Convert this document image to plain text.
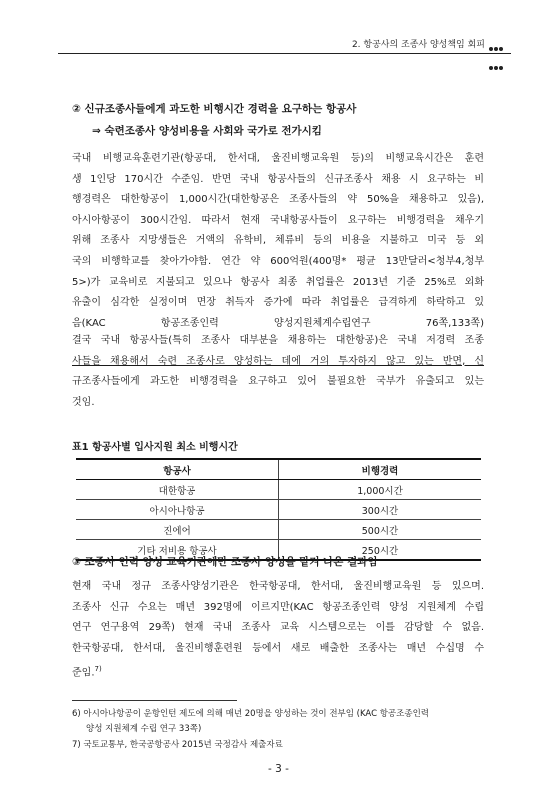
2. 항공사의 조종사 양성책임 회피

② 신규조종사들에게 과도한 비행시간 경력을 요구하는 항공사
⇒ 숙련조종사 양성비용을 사회와 국가로 전가시킴
국내 비행교육훈련기관(항공대, 한서대, 울진비행교육원 등)의 비행교육시간은 훈련
생 1인당 170시간 수준임. 반면 국내 항공사들의 신규조종사 채용 시 요구하는 비
행경력은 대한항공이 1,000시간(대한항공은 조종사들의 약 50%을 채용하고 있음),
아시아항공이 300시간임. 따라서 현재 국내항공사들이 요구하는 비행경력을 채우기
위해 조종사 지망생들은 거액의 유학비, 체류비 등의 비용을 지불하고 미국 등 외
국의 비행학교를 찾아가야함. 연간 약 600억원(400명* 평균 13만달러<청부4,청부
5>)가 교육비로 지불되고 있으나 항공사 최종 취업률은 2013년 기준 25%로 외화
유출이 심각한 실정이며 면장 취득자 증가에 따라 취업률은 급격하게 하락하고 있
음(KAC 항공조종인력 양성지원체계수립연구 76쪽,133쪽)
결국 국내 항공사들(특히 조종사 대부분을 채용하는 대한항공)은 국내 저경력 조종
사들을 채용해서 숙련 조종사로 양성하는 데에 거의 투자하지 않고 있는 반면, 신
규조종사들에게 과도한 비행경력을 요구하고 있어 불필요한 국부가 유출되고 있는
것임.
표1 항공사별 입사지원 최소 비행시간
항공사	비행경력
대한항공	1,000시간
아시아나항공	300시간
진에어	500시간
기타 저비용 항공사	250시간
③ 조종사 인력 양성 교육기관에만 조종사 양성을 맡겨 나온 결과임
현재 국내 정규 조종사양성기관은 한국항공대, 한서대, 울진비행교육원 등 있으며.
조종사 신규 수요는 매년 392명에 이르지만(KAC 항공조종인력 양성 지원체계 수립
연구 연구용역 29쪽) 현재 국내 조종사 교육 시스템으로는 이를 감당할 수 없음.
한국항공대, 한서대, 울진비행훈련원 등에서 새로 배출한 조종사는 매년 수십명 수
준임.$^{7)}$
6) 아시아나항공이 운항인턴 제도에 의해 매년 20명을 양성하는 것이 전부임 (KAC 항공조종인력
양성 지원체계 수립 연구 33쪽)
7) 국토교통부, 한국공항공사 2015년 국정감사 제출자료
- 3 -
